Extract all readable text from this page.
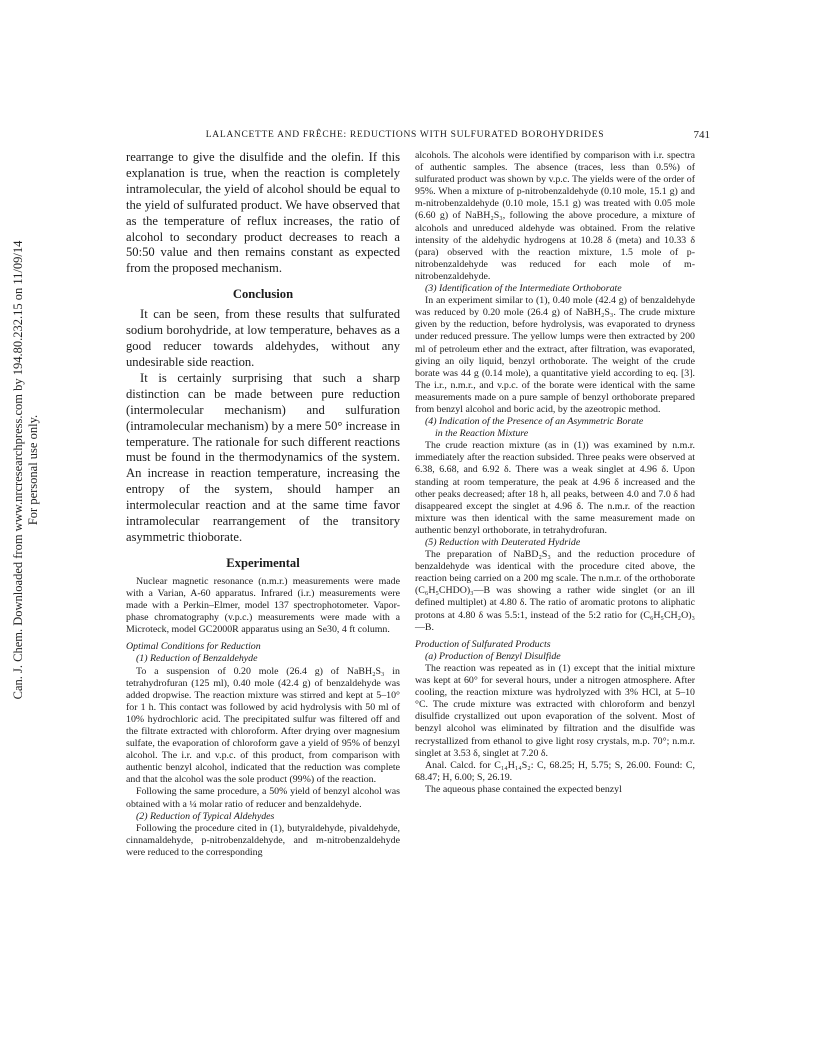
Can. J. Chem. Downloaded from www.nrcresearchpress.com by 194.80.232.15 on 11/09/14 For personal use only.
LALANCETTE AND FRÊCHE: REDUCTIONS WITH SULFURATED BOROHYDRIDES	741

rearrange to give the disulfide and the olefin. If this explanation is true, when the reaction is completely intramolecular, the yield of alcohol should be equal to the yield of sulfurated product. We have observed that as the temperature of reflux increases, the ratio of alcohol to secondary product decreases to reach a 50:50 value and then remains constant as expected from the proposed mechanism.

Conclusion

It can be seen, from these results that sulfurated sodium borohydride, at low temperature, behaves as a good reducer towards aldehydes, without any undesirable side reaction.

It is certainly surprising that such a sharp distinction can be made between pure reduction (intermolecular mechanism) and sulfuration (intramolecular mechanism) by a mere 50° increase in temperature. The rationale for such different reactions must be found in the thermodynamics of the system. An increase in reaction temperature, increasing the entropy of the system, should hamper an intermolecular reaction and at the same time favor intramolecular rearrangement of the transitory asymmetric thioborate.

Experimental

Nuclear magnetic resonance (n.m.r.) measurements were made with a Varian, A-60 apparatus. Infrared (i.r.) measurements were made with a Perkin–Elmer, model 137 spectrophotometer. Vapor-phase chromatography (v.p.c.) measurements were made with a Microteck, model GC2000R apparatus using an Se30, 4 ft column.

Optimal Conditions for Reduction

(1) Reduction of Benzaldehyde

To a suspension of 0.20 mole (26.4 g) of NaBH₂S₃ in tetrahydrofuran (125 ml), 0.40 mole (42.4 g) of benzaldehyde was added dropwise. The reaction mixture was stirred and kept at 5–10° for 1 h. This contact was followed by acid hydrolysis with 50 ml of 10% hydrochloric acid. The precipitated sulfur was filtered off and the filtrate extracted with chloroform. After drying over magnesium sulfate, the evaporation of chloroform gave a yield of 95% of benzyl alcohol. The i.r. and v.p.c. of this product, from comparison with authentic benzyl alcohol, indicated that the reduction was complete and that the alcohol was the sole product (99%) of the reaction.

Following the same procedure, a 50% yield of benzyl alcohol was obtained with a ¼ molar ratio of reducer and benzaldehyde.

(2) Reduction of Typical Aldehydes

Following the procedure cited in (1), butyraldehyde, pivaldehyde, cinnamaldehyde, p-nitrobenzaldehyde, and m-nitrobenzaldehyde were reduced to the corresponding

alcohols. The alcohols were identified by comparison with i.r. spectra of authentic samples. The absence (traces, less than 0.5%) of sulfurated product was shown by v.p.c. The yields were of the order of 95%. When a mixture of p-nitrobenzaldehyde (0.10 mole, 15.1 g) and m-nitrobenzaldehyde (0.10 mole, 15.1 g) was treated with 0.05 mole (6.60 g) of NaBH₂S₃, following the above procedure, a mixture of alcohols and unreduced aldehyde was obtained. From the relative intensity of the aldehydic hydrogens at 10.28 δ (meta) and 10.33 δ (para) observed with the reaction mixture, 1.5 mole of p-nitrobenzaldehyde was reduced for each mole of m-nitrobenzaldehyde.

(3) Identification of the Intermediate Orthoborate

In an experiment similar to (1), 0.40 mole (42.4 g) of benzaldehyde was reduced by 0.20 mole (26.4 g) of NaBH₂S₃. The crude mixture given by the reduction, before hydrolysis, was evaporated to dryness under reduced pressure. The yellow lumps were then extracted by 200 ml of petroleum ether and the extract, after filtration, was evaporated, giving an oily liquid, benzyl orthoborate. The weight of the crude borate was 44 g (0.14 mole), a quantitative yield according to eq. [3]. The i.r., n.m.r., and v.p.c. of the borate were identical with the same measurements made on a pure sample of benzyl orthoborate prepared from benzyl alcohol and boric acid, by the azeotropic method.

(4) Indication of the Presence of an Asymmetric Borate

in the Reaction Mixture

The crude reaction mixture (as in (1)) was examined by n.m.r. immediately after the reaction subsided. Three peaks were observed at 6.38, 6.68, and 6.92 δ. There was a weak singlet at 4.96 δ. Upon standing at room temperature, the peak at 4.96 δ increased and the other peaks decreased; after 18 h, all peaks, between 4.0 and 7.0 δ had disappeared except the singlet at 4.96 δ. The n.m.r. of the reaction mixture was then identical with the same measurement made on authentic benzyl orthoborate, in tetrahydrofuran.

(5) Reduction with Deuterated Hydride

The preparation of NaBD₂S₃ and the reduction procedure of benzaldehyde was identical with the procedure cited above, the reaction being carried on a 200 mg scale. The n.m.r. of the orthoborate (C₆H₅CHDO)₃—B was showing a rather wide singlet (or an ill defined multiplet) at 4.80 δ. The ratio of aromatic protons to aliphatic protons at 4.80 δ was 5.5:1, instead of the 5:2 ratio for (C₆H₅CH₂O)₃—B.

Production of Sulfurated Products

(a) Production of Benzyl Disulfide

The reaction was repeated as in (1) except that the initial mixture was kept at 60° for several hours, under a nitrogen atmosphere. After cooling, the reaction mixture was hydrolyzed with 3% HCl, at 5–10 °C. The crude mixture was extracted with chloroform and benzyl disulfide crystallized out upon evaporation of the solvent. Most of benzyl alcohol was eliminated by filtration and the disulfide was recrystallized from ethanol to give light rosy crystals, m.p. 70°; n.m.r. singlet at 3.53 δ, singlet at 7.20 δ.

Anal. Calcd. for C₁₄H₁₄S₂: C, 68.25; H, 5.75; S, 26.00. Found: C, 68.47; H, 6.00; S, 26.19.

The aqueous phase contained the expected benzyl
